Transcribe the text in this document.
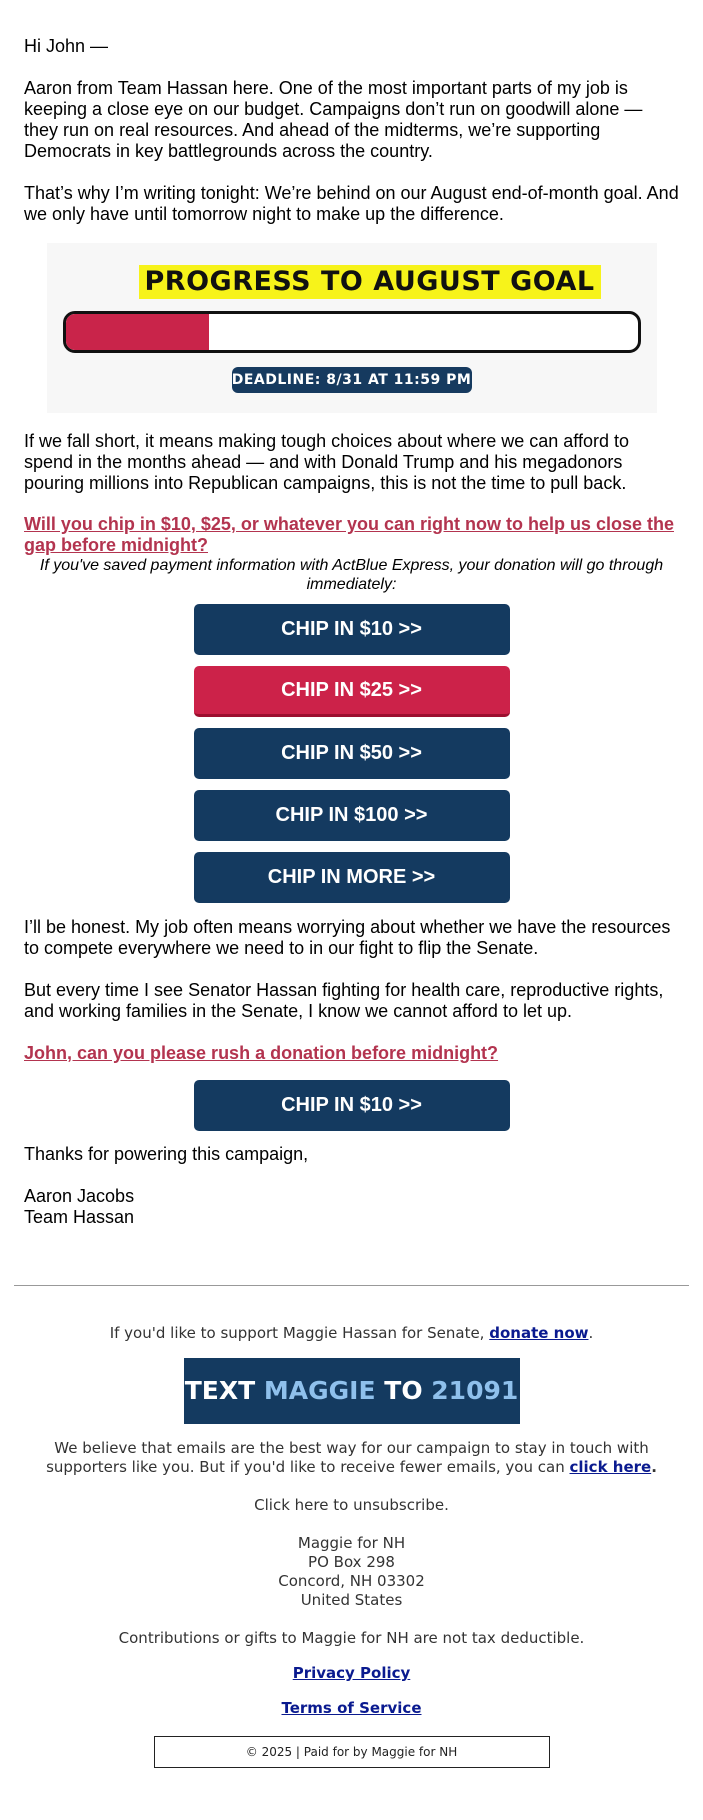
Hi John —

Aaron from Team Hassan here. One of the most important parts of my job is keeping a close eye on our budget. Campaigns don’t run on goodwill alone — they run on real resources. And ahead of the midterms, we’re supporting Democrats in key battlegrounds across the country.

That’s why I’m writing tonight: We’re behind on our August end-of-month goal. And we only have until tomorrow night to make up the difference.

PROGRESS TO AUGUST GOAL
DEADLINE: 8/31 AT 11:59 PM

If we fall short, it means making tough choices about where we can afford to spend in the months ahead — and with Donald Trump and his megadonors pouring millions into Republican campaigns, this is not the time to pull back.

Will you chip in $10, $25, or whatever you can right now to help us close the gap before midnight?

If you've saved payment information with ActBlue Express, your donation will go through immediately:

CHIP IN $10 >>
CHIP IN $25 >>
CHIP IN $50 >>
CHIP IN $100 >>
CHIP IN MORE >>

I’ll be honest. My job often means worrying about whether we have the resources to compete everywhere we need to in our fight to flip the Senate.

But every time I see Senator Hassan fighting for health care, reproductive rights, and working families in the Senate, I know we cannot afford to let up.

John, can you please rush a donation before midnight?
CHIP IN $10 >>

Thanks for powering this campaign,

Aaron Jacobs

Team Hassan

If you'd like to support Maggie Hassan for Senate, donate now.

TEXT MAGGIE TO 21091

We believe that emails are the best way for our campaign to stay in touch with supporters like you. But if you'd like to receive fewer emails, you can click here.

Click here to unsubscribe.

Maggie for NH
PO Box 298
Concord, NH 03302
United States

Contributions or gifts to Maggie for NH are not tax deductible.

Privacy Policy

Terms of Service

© 2025 | Paid for by Maggie for NH
